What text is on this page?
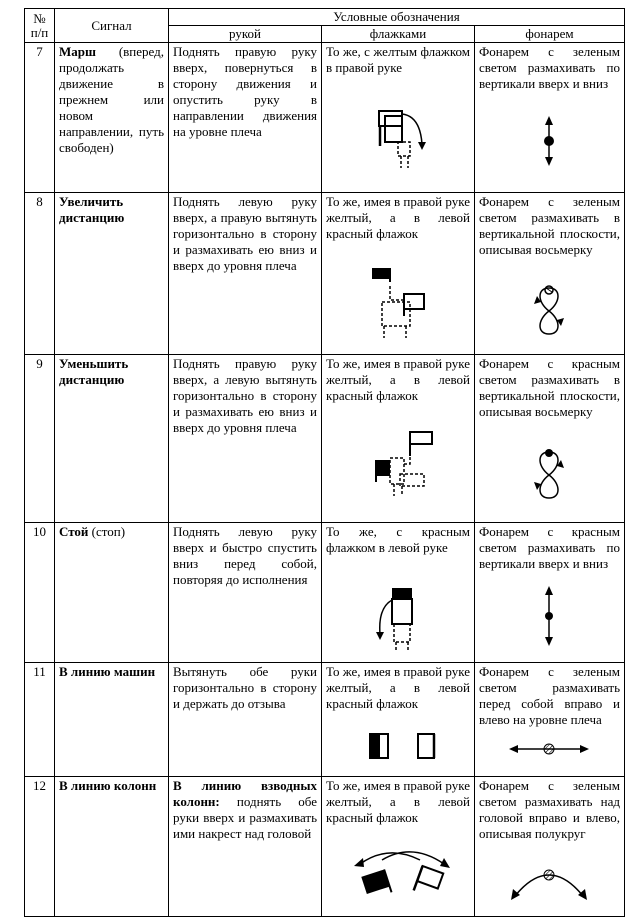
№ п/п	Сигнал	Условные обозначения		
		рукой	флажками	фонарем
7	Марш (вперед, продолжать движение в прежнем или новом направлении, путь свободен)	Поднять правую руку вверх, повернуться в сторону движения и опустить руку в направлении движения на уровне плеча	То же, с желтым флажком в правой руке	Фонарем с зеленым светом размахивать по вертикали вверх и вниз

8	Увеличить дистанцию	Поднять левую руку вверх, а правую вытянуть горизонтально в сторону и размахивать ею вниз и вверх до уровня плеча	То же, имея в правой руке желтый, а в левой красный флажок	Фонарем с зеленым светом размахивать в вертикальной плоскости, описывая восьмерку

9	Уменьшить дистанцию	Поднять правую руку вверх, а левую вытянуть горизонтально в сторону и размахивать ею вниз и вверх до уровня плеча	То же, имея в правой руке желтый, а в левой красный флажок	Фонарем с красным светом размахивать в вертикальной плоскости, описывая восьмерку

10	Стой (стоп)	Поднять левую руку вверх и быстро спустить вниз перед собой, повторяя до исполнения	То же, с красным флажком в левой руке	Фонарем с красным светом размахивать по вертикали вверх и вниз

11	В линию машин	Вытянуть обе руки горизонтально в сторону и держать до отзыва	То же, имея в правой руке желтый, а в левой красный флажок	Фонарем с зеленым светом размахивать перед собой вправо и влево на уровне плеча

12	В линию колонн	В линию взводных колонн: поднять обе руки вверх и размахивать ими накрест над головой	То же, имея в правой руке желтый, а в левой красный флажок	Фонарем с зеленым светом размахивать над головой вправо и влево, описывая полукруг
